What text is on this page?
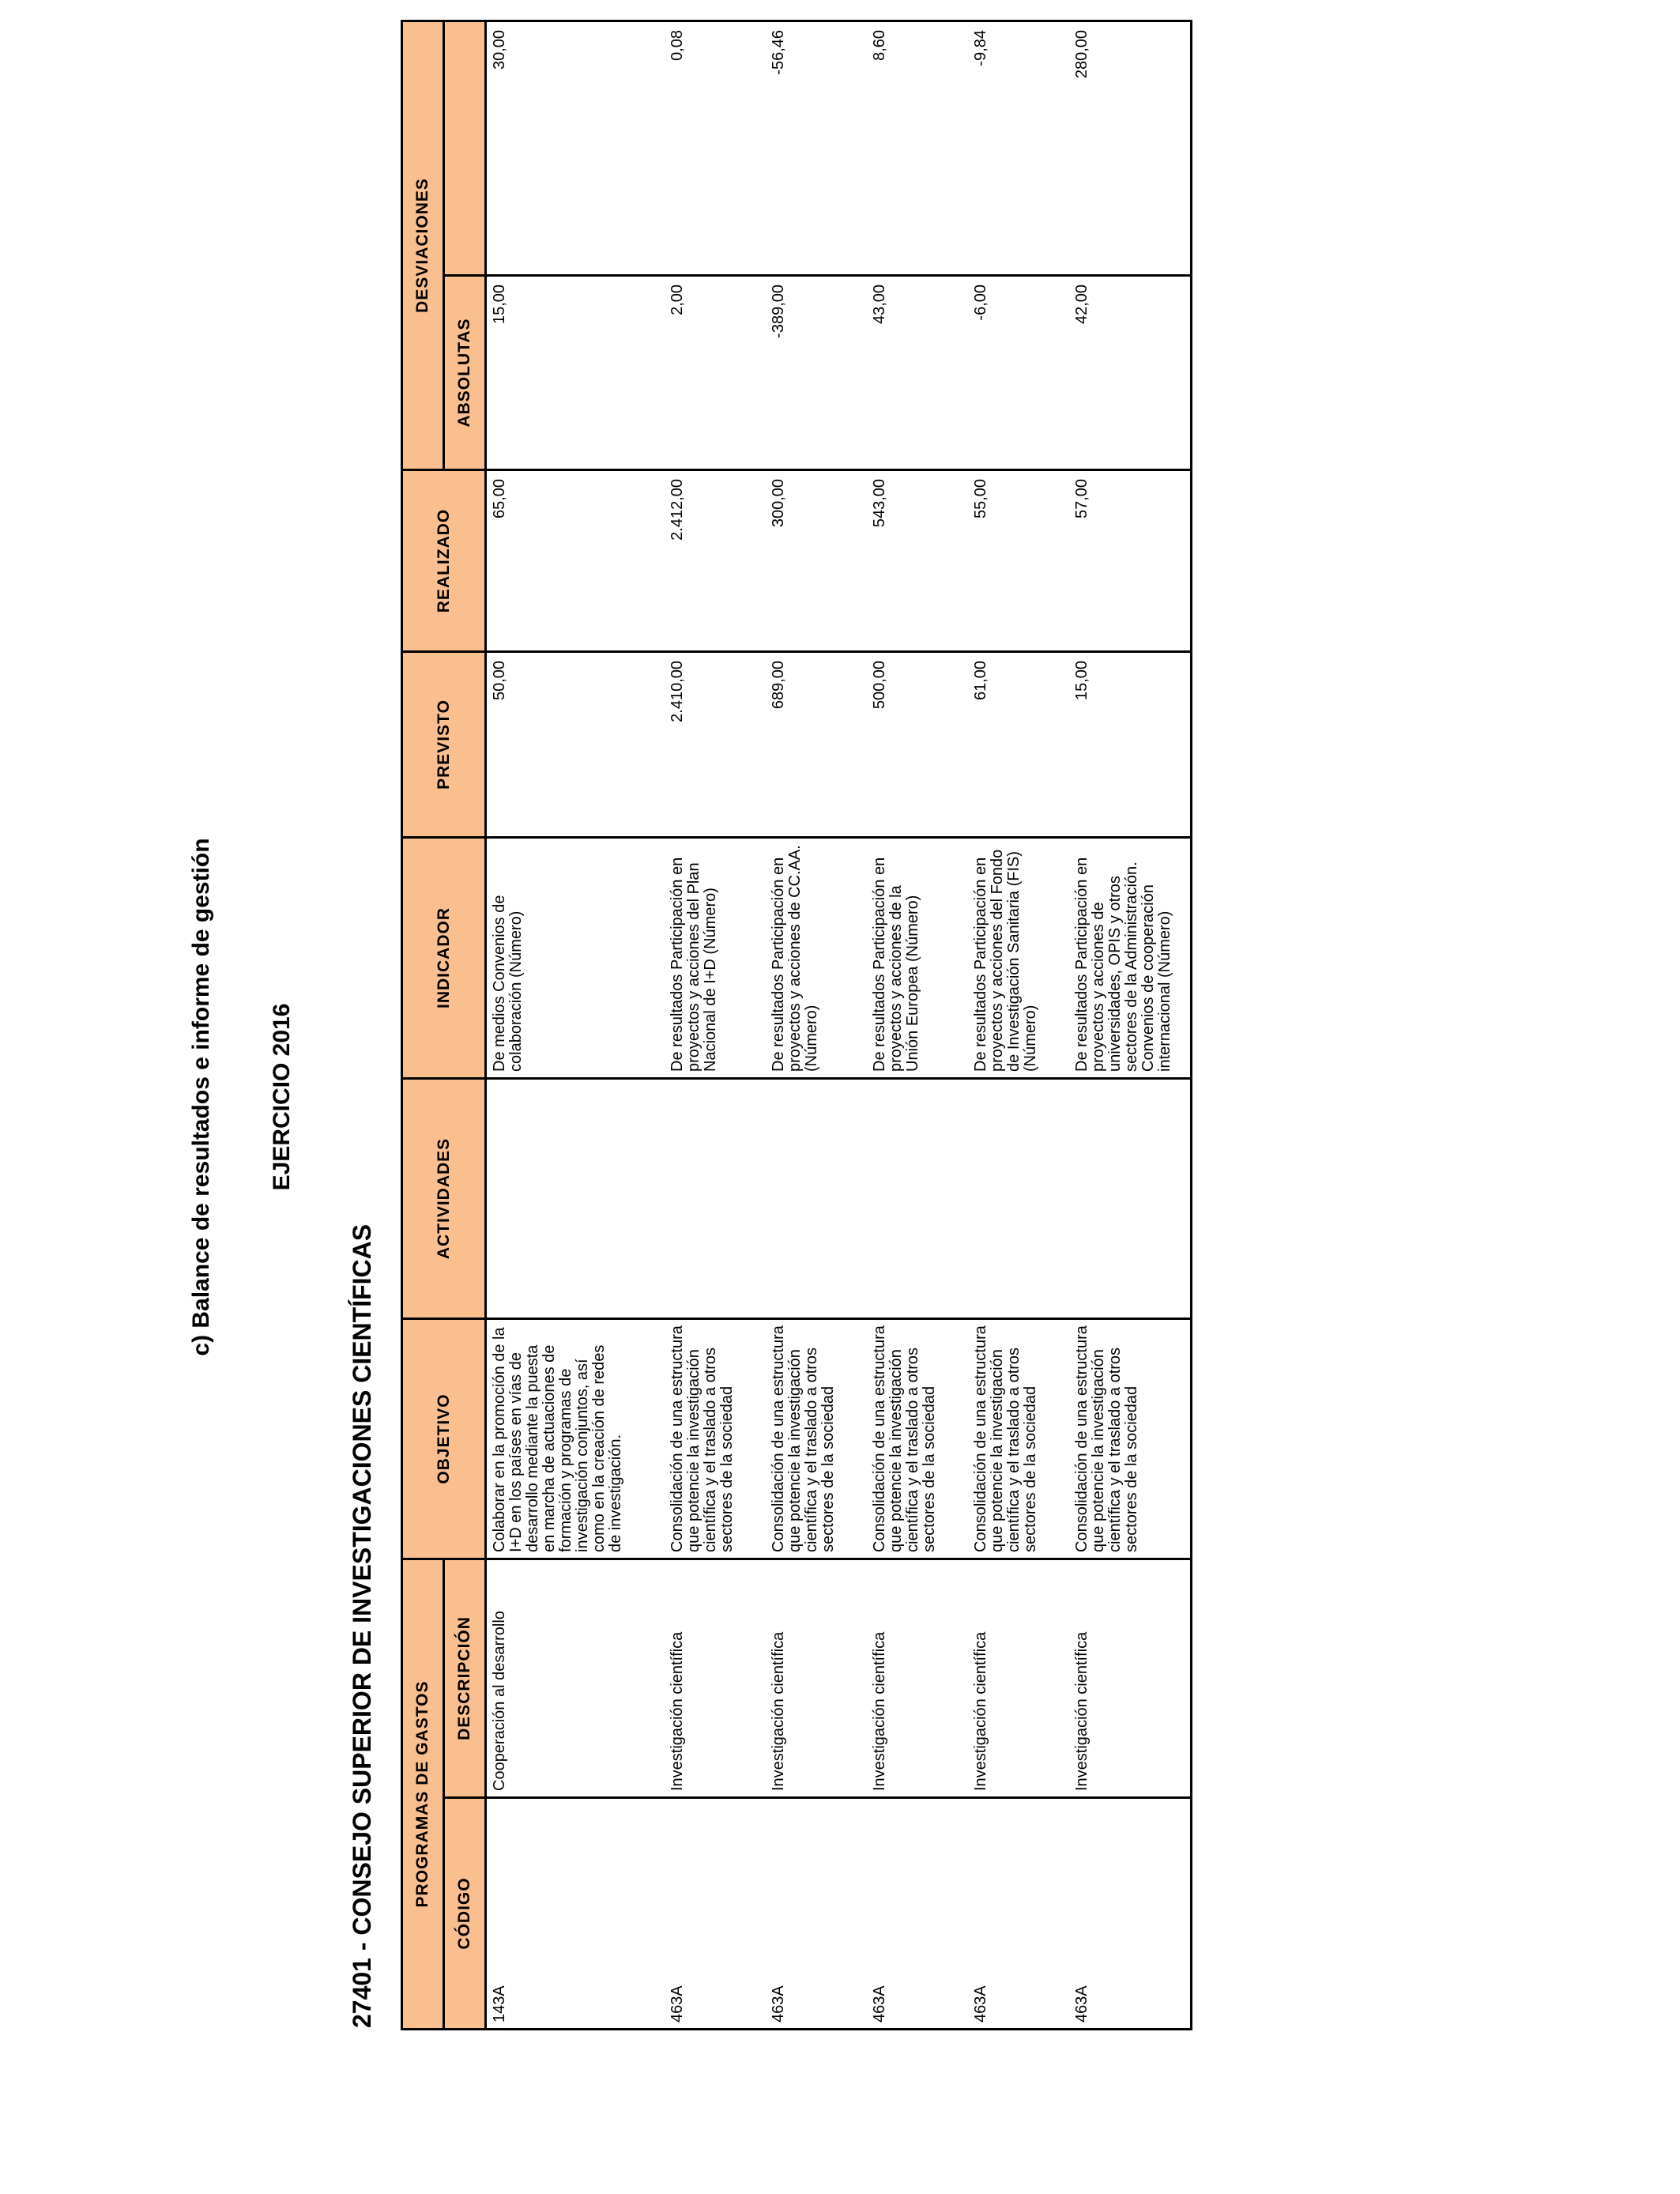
c) Balance de resultados e informe de gestión EJERCICIO 2016
27401 - CONSEJO SUPERIOR DE INVESTIGACIONES CIENTÍFICAS PROGRAMAS DE GASTOS		OBJETIVO	ACTIVIDADES	INDICADOR	PREVISTO	REALIZADO	DESVIACIONES	
CÓDIGO	DESCRIPCIÓN						ABSOLUTAS	
143A	Cooperación al desarrollo	Colaborar en la promoción de la I+D en los países en vías de desarrollo mediante la puesta en marcha de actuaciones de formación y programas de investigación conjuntos, así como en la creación de redes de investigación.		De medios Convenios de colaboración (Número)	50,00	65,00	15,00	30,00
463A	Investigación científica	Consolidación de una estructura que potencie la investigación científica y el traslado a otros sectores de la sociedad		De resultados Participación en proyectos y acciones del Plan Nacional de I+D (Número)	2.410,00	2.412,00	2,00	0,08
463A	Investigación científica	Consolidación de una estructura que potencie la investigación científica y el traslado a otros sectores de la sociedad		De resultados Participación en proyectos y acciones de CC.AA. (Número)	689,00	300,00	-389,00	-56,46
463A	Investigación científica	Consolidación de una estructura que potencie la investigación científica y el traslado a otros sectores de la sociedad		De resultados Participación en proyectos y acciones de la Unión Europea (Número)	500,00	543,00	43,00	8,60
463A	Investigación científica	Consolidación de una estructura que potencie la investigación científica y el traslado a otros sectores de la sociedad		De resultados Participación en proyectos y acciones del Fondo de Investigación Sanitaria (FIS) (Número)	61,00	55,00	-6,00	-9,84
463A	Investigación científica	Consolidación de una estructura que potencie la investigación científica y el traslado a otros sectores de la sociedad		De resultados Participación en proyectos y acciones de universidades, OPIS y otros sectores de la Administración. Convenios de cooperación internacional (Número)	15,00	57,00	42,00	280,00
